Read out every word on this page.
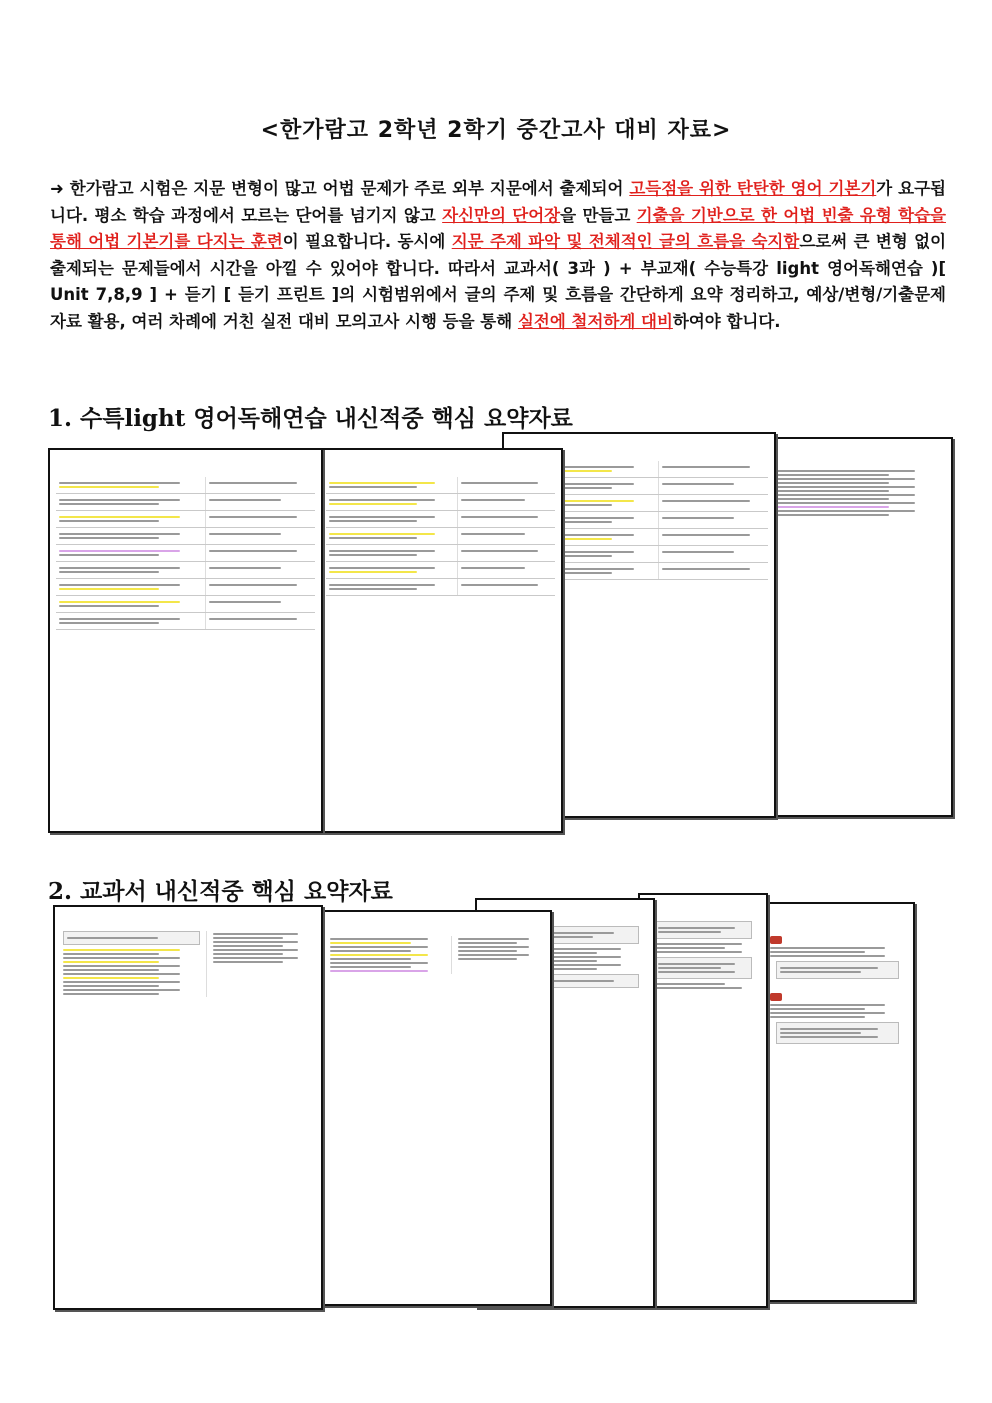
<한가람고 2학년 2학기 중간고사 대비 자료>
➜ 한가람고 시험은 지문 변형이 많고 어법 문제가 주로 외부 지문에서 출제되어 고득점을 위한 탄탄한 영어 기본기가 요구됩니다. 평소 학습 과정에서 모르는 단어를 넘기지 않고 자신만의 단어장을 만들고 기출을 기반으로 한 어법 빈출 유형 학습을 통해 어법 기본기를 다지는 훈련이 필요합니다. 동시에 지문 주제 파악 및 전체적인 글의 흐름을 숙지함으로써 큰 변형 없이 출제되는 문제들에서 시간을 아낄 수 있어야 합니다. 따라서 교과서( 3과 ) + 부교재( 수능특강 light 영어독해연습 )[ Unit 7,8,9 ] + 듣기 [ 듣기 프린트 ]의 시험범위에서 글의 주제 및 흐름을 간단하게 요약 정리하고, 예상/변형/기출문제 자료 활용, 여러 차례에 거친 실전 대비 모의고사 시행 등을 통해 실전에 철저하게 대비하여야 합니다.
1. 수특light 영어독해연습 내신적중 핵심 요약자료

2. 교과서 내신적중 핵심 요약자료
